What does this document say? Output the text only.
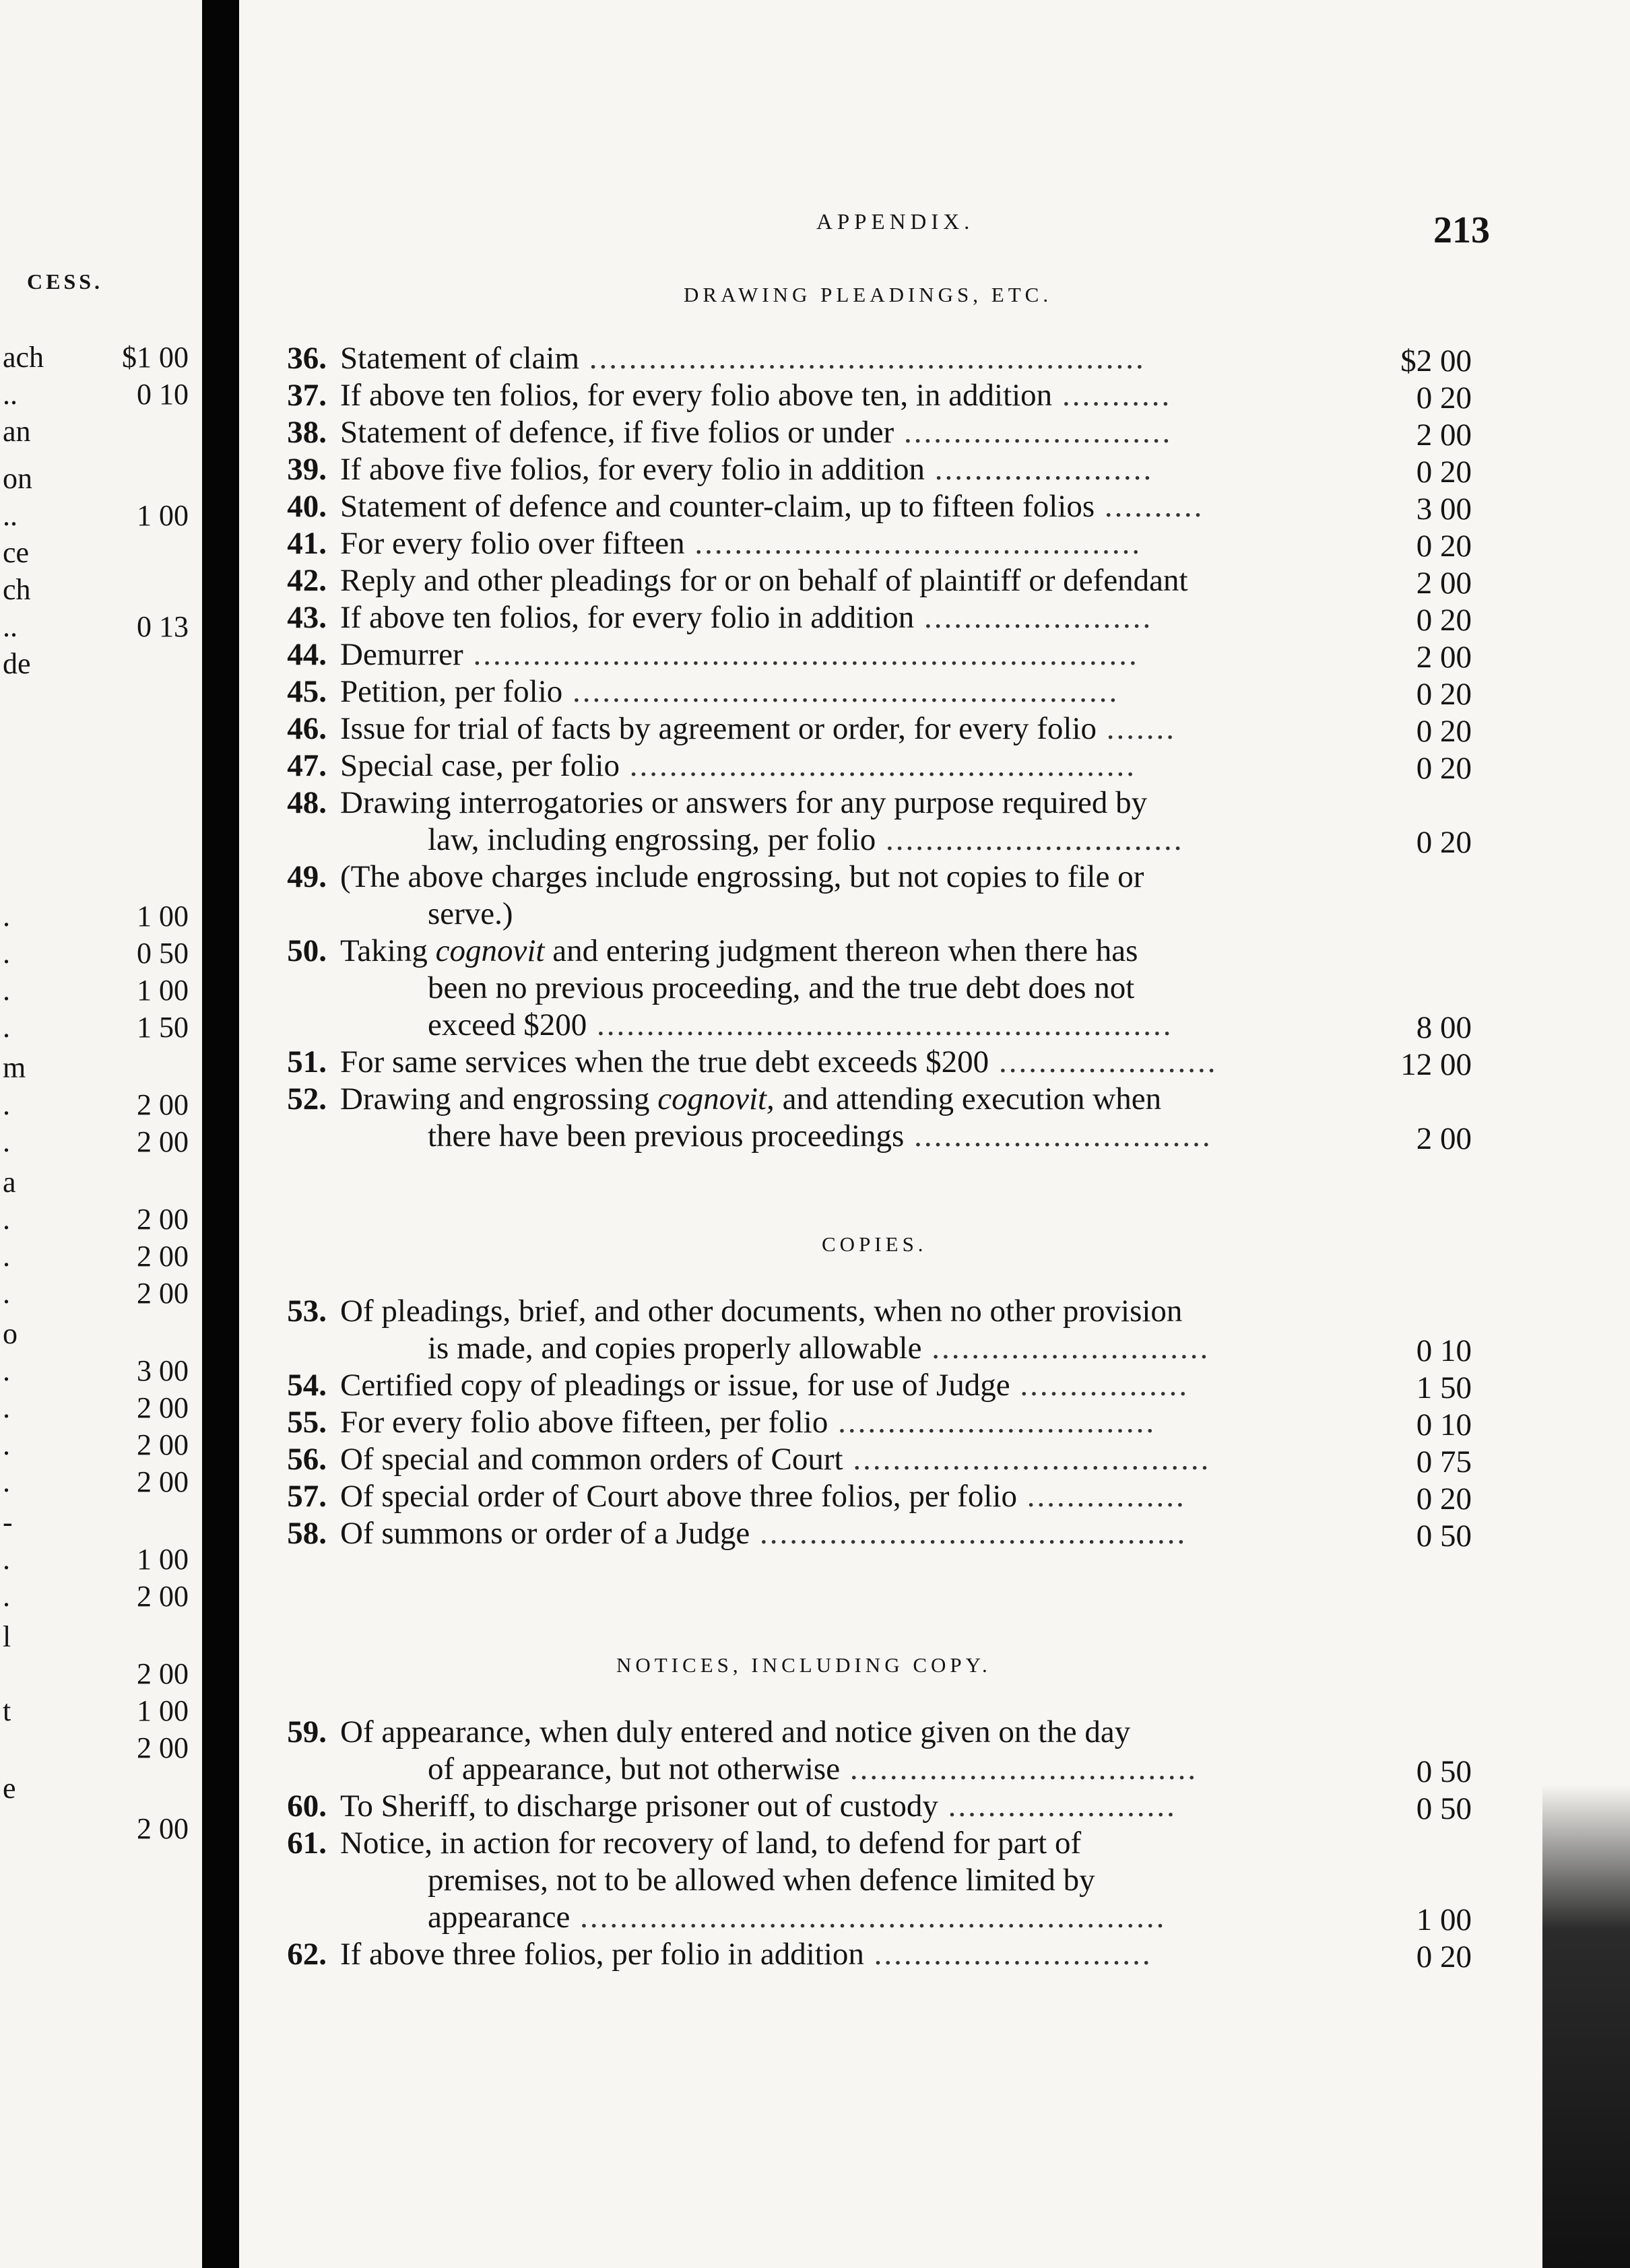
CESS.
ach	$1 00
..	0 10
an
on
..	1 00
ce
ch
..	0 13
de
.	1 00
.	0 50
.	1 00
.	1 50
m
.	2 00
.	2 00
a
.	2 00
.	2 00
.	2 00
o
.	3 00
.	2 00
.	2 00
.	2 00
-
.	1 00
.	2 00
l
2 00
t	1 00
2 00
e
2 00
APPENDIX.	213
DRAWING PLEADINGS, ETC.
36. Statement of claim ........................................................	$2 00
37. If above ten folios, for every folio above ten, in addition ...........	0 20
38. Statement of defence, if five folios or under ...........................	2 00
39. If above five folios, for every folio in addition ......................	0 20
40. Statement of defence and counter-claim, up to fifteen folios ..........	3 00
41. For every folio over fifteen .............................................	0 20
42. Reply and other pleadings for or on behalf of plaintiff or defendant	2 00
43. If above ten folios, for every folio in addition .......................	0 20
44. Demurrer ...................................................................	2 00
45. Petition, per folio .......................................................	0 20
46. Issue for trial of facts by agreement or order, for every folio .......	0 20
47. Special case, per folio ...................................................	0 20
48. Drawing interrogatories or answers for any purpose required by
law, including engrossing, per folio ..............................	0 20
49. (The above charges include engrossing, but not copies to file or
serve.)
50. Taking cognovit and entering judgment thereon when there has
been no previous proceeding, and the true debt does not
exceed $200 ..........................................................	8 00
51. For same services when the true debt exceeds $200 ......................	12 00
52. Drawing and engrossing cognovit, and attending execution when
there have been previous proceedings ..............................	2 00
COPIES.
53. Of pleadings, brief, and other documents, when no other provision
is made, and copies properly allowable ............................	0 10
54. Certified copy of pleadings or issue, for use of Judge .................	1 50
55. For every folio above fifteen, per folio ................................	0 10
56. Of special and common orders of Court ....................................	0 75
57. Of special order of Court above three folios, per folio ................	0 20
58. Of summons or order of a Judge ...........................................	0 50
NOTICES, INCLUDING COPY.
59. Of appearance, when duly entered and notice given on the day
of appearance, but not otherwise ...................................	0 50
60. To Sheriff, to discharge prisoner out of custody .......................	0 50
61. Notice, in action for recovery of land, to defend for part of
premises, not to be allowed when defence limited by
appearance ...........................................................	1 00
62. If above three folios, per folio in addition ............................	0 20
